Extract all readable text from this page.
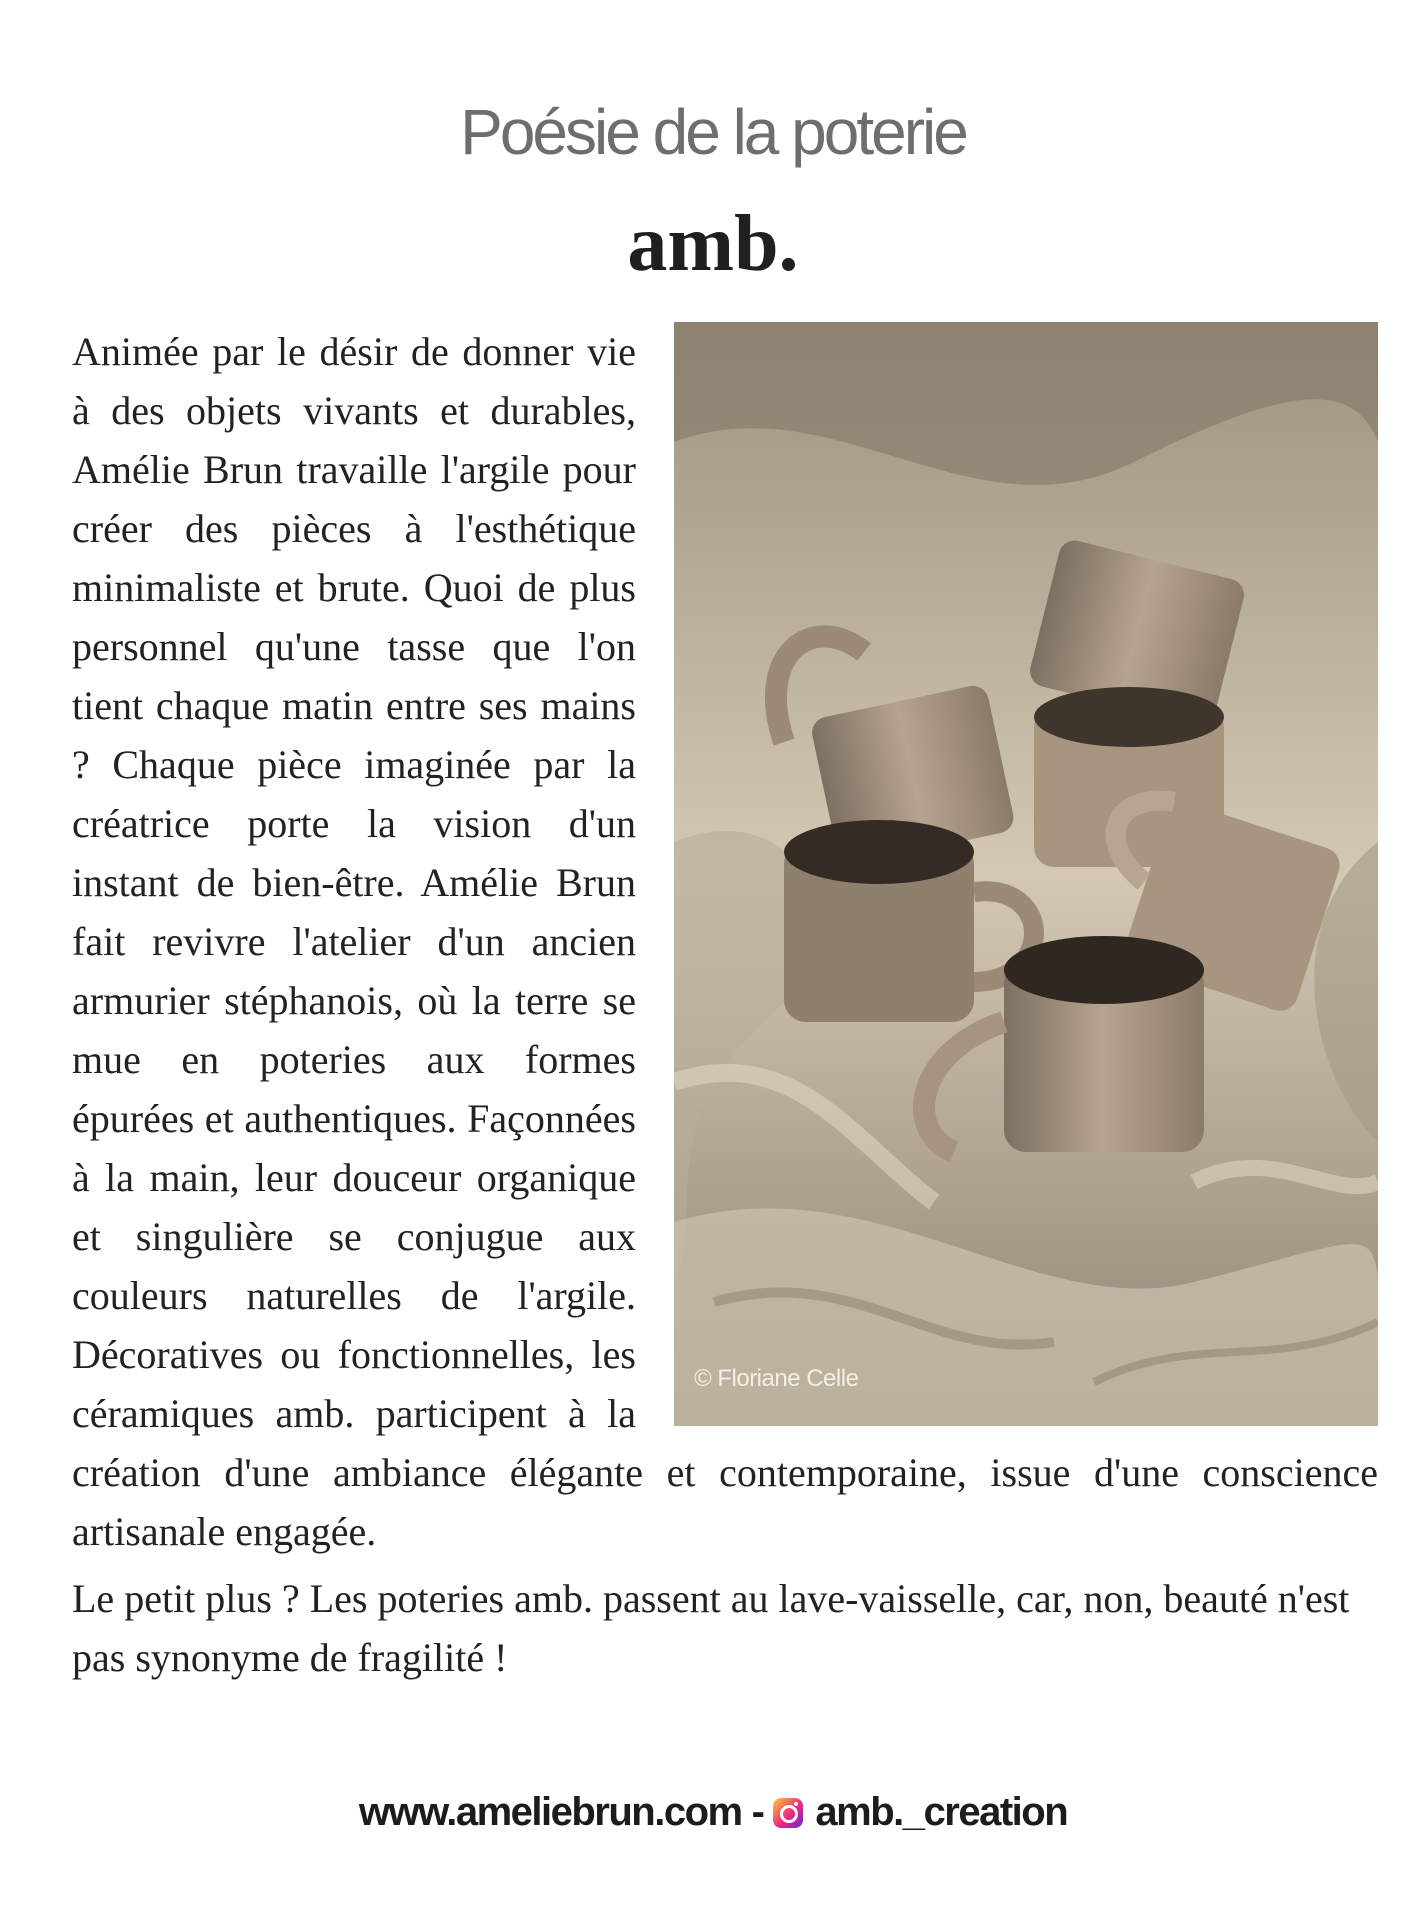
Poésie de la poterie
amb.
© Floriane Celle

Animée par le désir de donner vie à des objets vivants et durables, Amélie Brun travaille l'argile pour créer des pièces à l'esthétique minimaliste et brute. Quoi de plus personnel qu'une tasse que l'on tient chaque matin entre ses mains ? Chaque pièce imaginée par la créatrice porte la vision d'un instant de bien-être. Amélie Brun fait revivre l'atelier d'un ancien armurier stéphanois, où la terre se mue en poteries aux formes épurées et authentiques. Façonnées à la main, leur douceur organique et singulière se conjugue aux couleurs naturelles de l'argile. Décoratives ou fonctionnelles, les céramiques amb. participent à la création d'une ambiance élégante et contemporaine, issue d'une conscience artisanale engagée.

Le petit plus ? Les poteries amb. passent au lave-vaisselle, car, non, beauté n'est pas synonyme de fragilité !

www.ameliebrun.com - amb._creation
